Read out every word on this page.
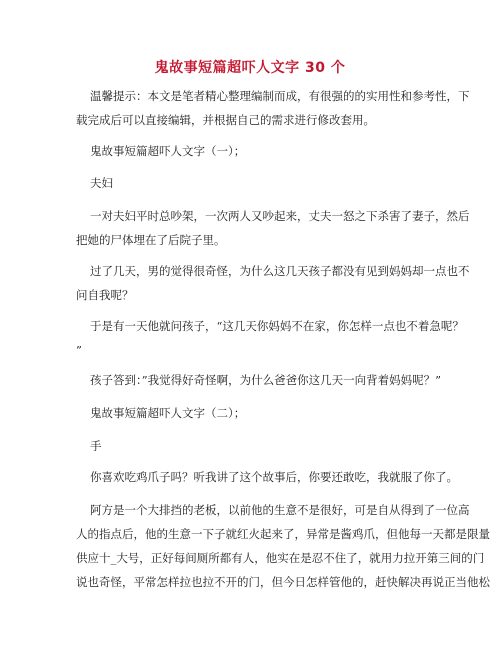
鬼故事短篇超吓人文字 30 个
温馨提示：本文是笔者精心整理编制而成，有很强的的实用性和参考性，下
载完成后可以直接编辑，并根据自己的需求进行修改套用。
鬼故事短篇超吓人文字（一）；
夫妇
一对夫妇平时总吵架，一次两人又吵起来，丈夫一怒之下杀害了妻子，然后
把她的尸体埋在了后院子里。
过了几天，男的觉得很奇怪，为什么这几天孩子都没有见到妈妈却一点也不
问自我呢？
于是有一天他就问孩子，“这几天你妈妈不在家，你怎样一点也不着急呢？
”
孩子答到：”我觉得好奇怪啊，为什么爸爸你这几天一向背着妈妈呢？”
鬼故事短篇超吓人文字（二）；
手
你喜欢吃鸡爪子吗？听我讲了这个故事后，你要还敢吃，我就服了你了。
阿方是一个大排挡的老板，以前他的生意不是很好，可是自从得到了一位高
人的指点后，他的生意一下子就红火起来了，异常是酱鸡爪，但他每一天都是限量
供应十_大号，正好每间厕所都有人，他实在是忍不住了，就用力拉开第三间的门
说也奇怪，平常怎样拉也拉不开的门，但今日怎样管他的，赶快解决再说正当他松
